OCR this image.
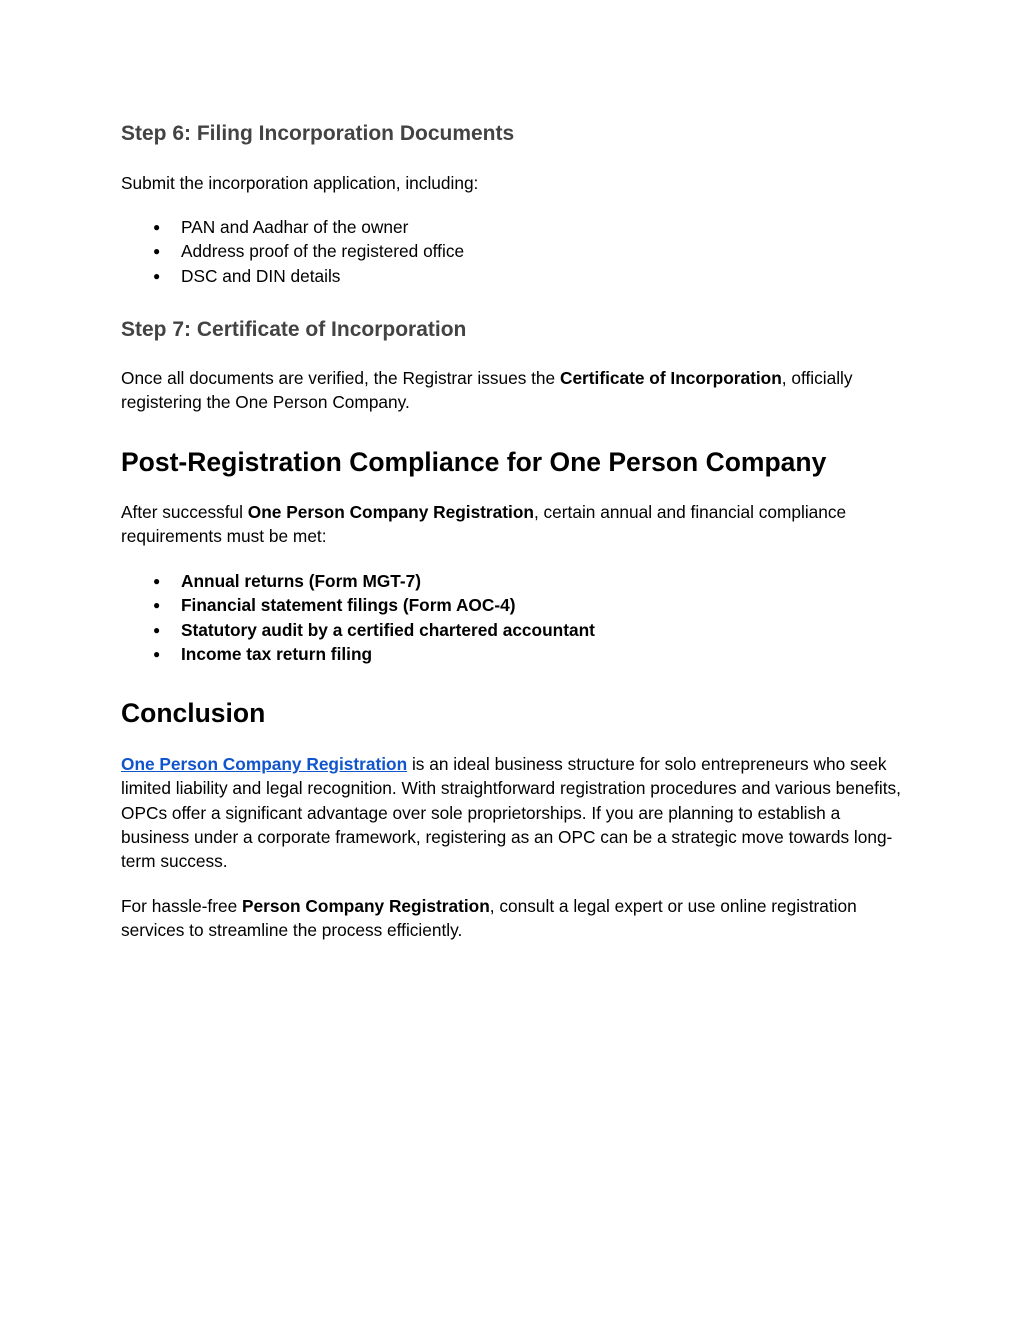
Step 6: Filing Incorporation Documents

Submit the incorporation application, including:

● PAN and Aadhar of the owner
● Address proof of the registered office
● DSC and DIN details
Step 7: Certificate of Incorporation

Once all documents are verified, the Registrar issues the Certificate of Incorporation, officially registering the One Person Company.

Post-Registration Compliance for One Person Company

After successful One Person Company Registration, certain annual and financial compliance requirements must be met:

● Annual returns (Form MGT-7)
● Financial statement filings (Form AOC-4)
● Statutory audit by a certified chartered accountant
● Income tax return filing
Conclusion

One Person Company Registration is an ideal business structure for solo entrepreneurs who seek limited liability and legal recognition. With straightforward registration procedures and various benefits, OPCs offer a significant advantage over sole proprietorships. If you are planning to establish a business under a corporate framework, registering as an OPC can be a strategic move towards long-term success.

For hassle-free Person Company Registration, consult a legal expert or use online registration services to streamline the process efficiently.
